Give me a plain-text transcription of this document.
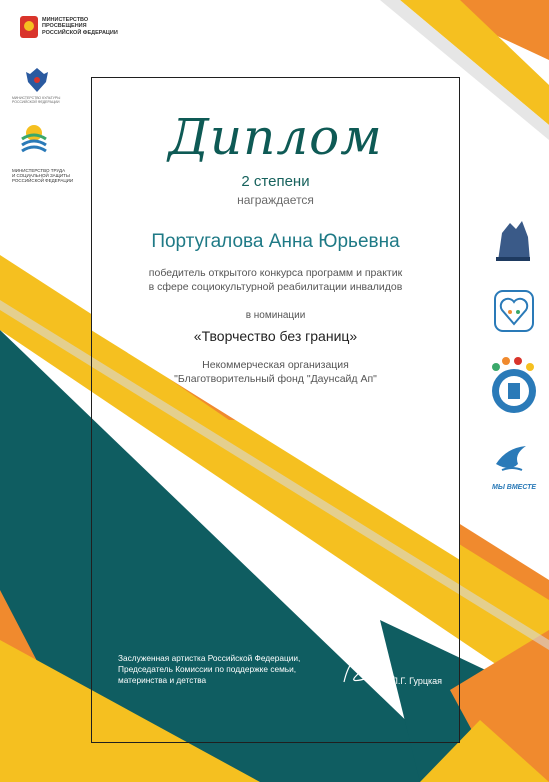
МИНИСТЕРСТВО
ПРОСВЕЩЕНИЯ
РОССИЙСКОЙ ФЕДЕРАЦИИ
МИНИСТЕРСТВО КУЛЬТУРЫ
РОССИЙСКОЙ ФЕДЕРАЦИИ
МИНИСТЕРСТВО ТРУДА
И СОЦИАЛЬНОЙ ЗАЩИТЫ
РОССИЙСКОЙ ФЕДЕРАЦИИ
МЫ ВМЕСТЕ
Диплом
2 степени
награждается
Португалова Анна Юрьевна
победитель открытого конкурса программ и практик
в сфере социокультурной реабилитации инвалидов
в номинации
«Творчество без границ»
Некоммерческая организация
"Благотворительный фонд "Даунсайд Ап"
Заслуженная артистка Российской Федерации,
Председатель Комиссии по поддержке семьи,
материнства и детства	Л.Г. Гурцкая
